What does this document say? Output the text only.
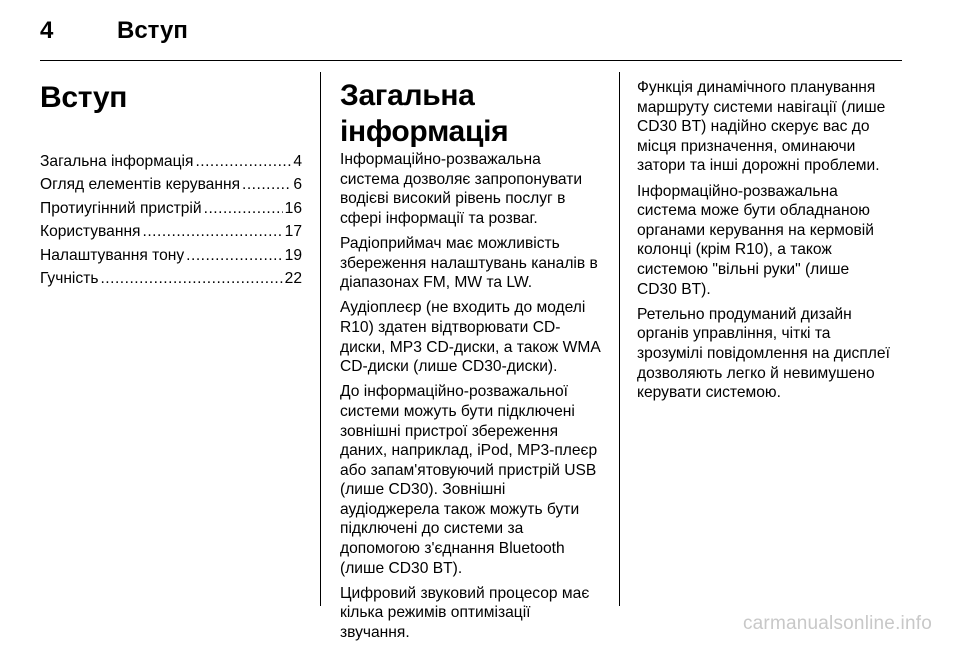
4	Вступ
Вступ
Загальна інформація .....	4
Огляд елементів керування .....	6
Протиугінний пристрій .....	16
Користування .....	17
Налаштування тону .....	19
Гучність .....	22
Загальна інформація

Інформаційно-розважальна
система дозволяє запропонувати
водієві високий рівень послуг в
сфері інформації та розваг.

Радіоприймач має можливість
збереження налаштувань каналів в
діапазонах FM, MW та LW.

Аудіоплеєр (не входить до моделі
R10) здатен відтворювати CD-
диски, MP3 CD-диски, а також WMA
CD-диски (лише CD30-диски).

До інформаційно-розважальної
системи можуть бути підключені
зовнішні пристрої збереження
даних, наприклад, iPod, MP3-плеєр
або запам'ятовуючий пристрій USB
(лише CD30). Зовнішні
аудіоджерела також можуть бути
підключені до системи за
допомогою з'єднання Bluetooth
(лише CD30 BT).

Цифровий звуковий процесор має
кілька режимів оптимізації
звучання.

Функція динамічного планування
маршруту системи навігації (лише
CD30 BT) надійно скерує вас до
місця призначення, оминаючи
затори та інші дорожні проблеми.

Інформаційно-розважальна
система може бути обладнаною
органами керування на кермовій
колонці (крім R10), а також
системою "вільні руки" (лише
CD30 BT).

Ретельно продуманий дизайн
органів управління, чіткі та
зрозумілі повідомлення на дисплеї
дозволяють легко й невимушено
керувати системою.

carmanualsonline.info
